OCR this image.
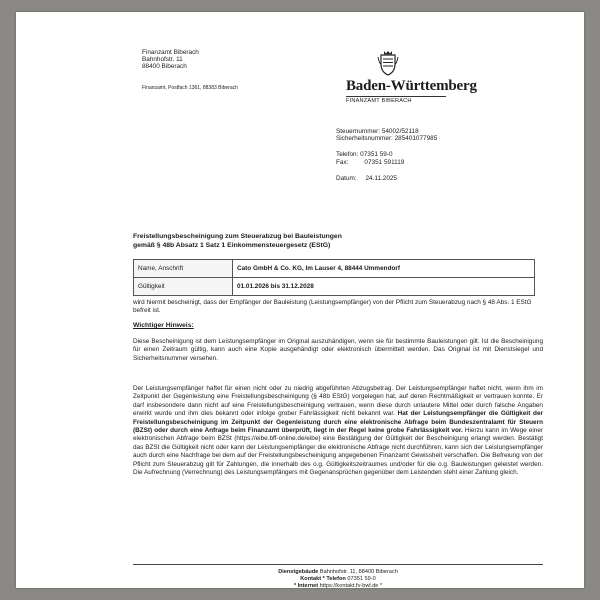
Finanzamt Biberach
Bahnhofstr. 11
88400 Biberach
Finanzamt, Postfach 1361, 88383 Biberach	Baden-Württemberg
FINANZAMT BIBERACH
Steuernummer: 54002/52118
Sicherheitsnummer: 285401077985
Telefon: 07351 59-0
Fax:         07351 591119
Datum:     24.11.2025
Freistellungsbescheinigung zum Steuerabzug bei Bauleistungen
gemäß § 48b Absatz 1 Satz 1 Einkommensteuergesetz (EStG)
Name, Anschrift	Cato GmbH & Co. KG, Im Lauser 4, 88444 Ummendorf
Gültigkeit	01.01.2026 bis 31.12.2028
wird hiermit bescheinigt, dass der Empfänger der Bauleistung (Leistungsempfänger) von der Pflicht zum Steuerabzug nach § 48 Abs. 1 EStG befreit ist.
Wichtiger Hinweis:
Diese Bescheinigung ist dem Leistungsempfänger im Original auszuhändigen, wenn sie für bestimmte Bauleistungen gilt. Ist die Bescheinigung für einen Zeitraum gültig, kann auch eine Kopie ausgehändigt oder elektronisch übermittelt werden. Das Original ist mit Dienstsiegel und Sicherheitsnummer versehen.
Der Leistungsempfänger haftet für einen nicht oder zu niedrig abgeführten Abzugsbetrag. Der Leistungsempfänger haftet nicht, wenn ihm im Zeitpunkt der Gegenleistung eine Freistellungsbescheinigung (§ 48b EStG) vorgelegen hat, auf deren Rechtmäßigkeit er vertrauen konnte. Er darf insbesondere dann nicht auf eine Freistellungsbescheinigung vertrauen, wenn diese durch unlautere Mittel oder durch falsche Angaben erwirkt wurde und ihm dies bekannt oder infolge grober Fahrlässigkeit nicht bekannt war. Hat der Leistungsempfänger die Gültigkeit der Freistellungsbescheinigung im Zeitpunkt der Gegenleistung durch eine elektronische Abfrage beim Bundeszentralamt für Steuern (BZSt) oder durch eine Anfrage beim Finanzamt überprüft, liegt in der Regel keine grobe Fahrlässigkeit vor. Hierzu kann im Wege einer elektronischen Abfrage beim BZSt (https://eibe.bff-online.de/eibe) eine Bestätigung der Gültigkeit der Bescheinigung erlangt werden. Bestätigt das BZSt die Gültigkeit nicht oder kann der Leistungsempfänger die elektronische Abfrage nicht durchführen, kann sich der Leistungsempfänger auch durch eine Nachfrage bei dem auf der Freistellungsbescheinigung angegebenen Finanzamt Gewissheit verschaffen. Die Befreiung von der Pflicht zum Steuerabzug gilt für Zahlungen, die innerhalb des o.g. Gültigkeitszeitraumes und/oder für die o.g. Bauleistungen geleistet werden. Die Aufrechnung (Verrechnung) des Leistungsempfängers mit Gegenansprüchen gegenüber dem Leistenden steht einer Zahlung gleich.
Dienstgebäude Bahnhofstr. 11, 88400 Biberach
Kontakt * Telefon 07351 59-0
* Internet https://kontakt.fv-bwl.de *
